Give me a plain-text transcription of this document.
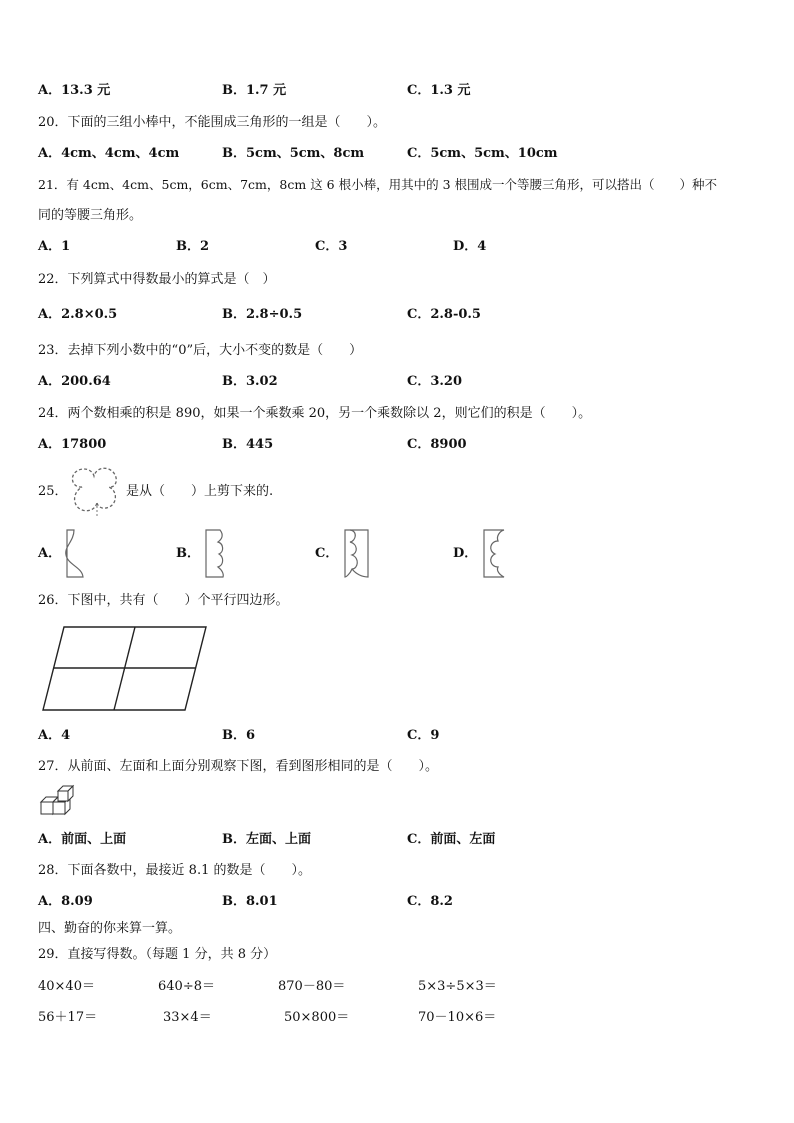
A．13.3 元	B．1.7 元	C．1.3 元
20．下面的三组小棒中，不能围成三角形的一组是（　　）。
A．4cm、4cm、4cm	B．5cm、5cm、8cm	C．5cm、5cm、10cm
21．有 4cm、4cm、5cm，6cm、7cm，8cm 这 6 根小棒，用其中的 3 根围成一个等腰三角形，可以搭出（　　）种不
同的等腰三角形。
A．1	B．2	C．3	D．4
22．下列算式中得数最小的算式是（　）
A．2.8×0.5	B．2.8÷0.5	C．2.8-0.5
23．去掉下列小数中的“0”后，大小不变的数是（　　）
A．200.64	B．3.02	C．3.20
24．两个数相乘的积是 890，如果一个乘数乘 20，另一个乘数除以 2，则它们的积是（　　）。
A．17800	B．445	C．8900
25．	是从（　　）上剪下来的.
A．	B．	C．	D．
26．下图中，共有（　　）个平行四边形。
A．4	B．6	C．9
27．从前面、左面和上面分别观察下图，看到图形相同的是（　　）。
A．前面、上面	B．左面、上面	C．前面、左面
28．下面各数中，最接近 8.1 的数是（　　）。
A．8.09	B．8.01	C．8.2
四、勤奋的你来算一算。
29．直接写得数。（每题 1 分，共 8 分）
40×40＝	640÷8＝	870－80＝	5×3÷5×3＝
56＋17＝	33×4＝	50×800＝	70－10×6＝
